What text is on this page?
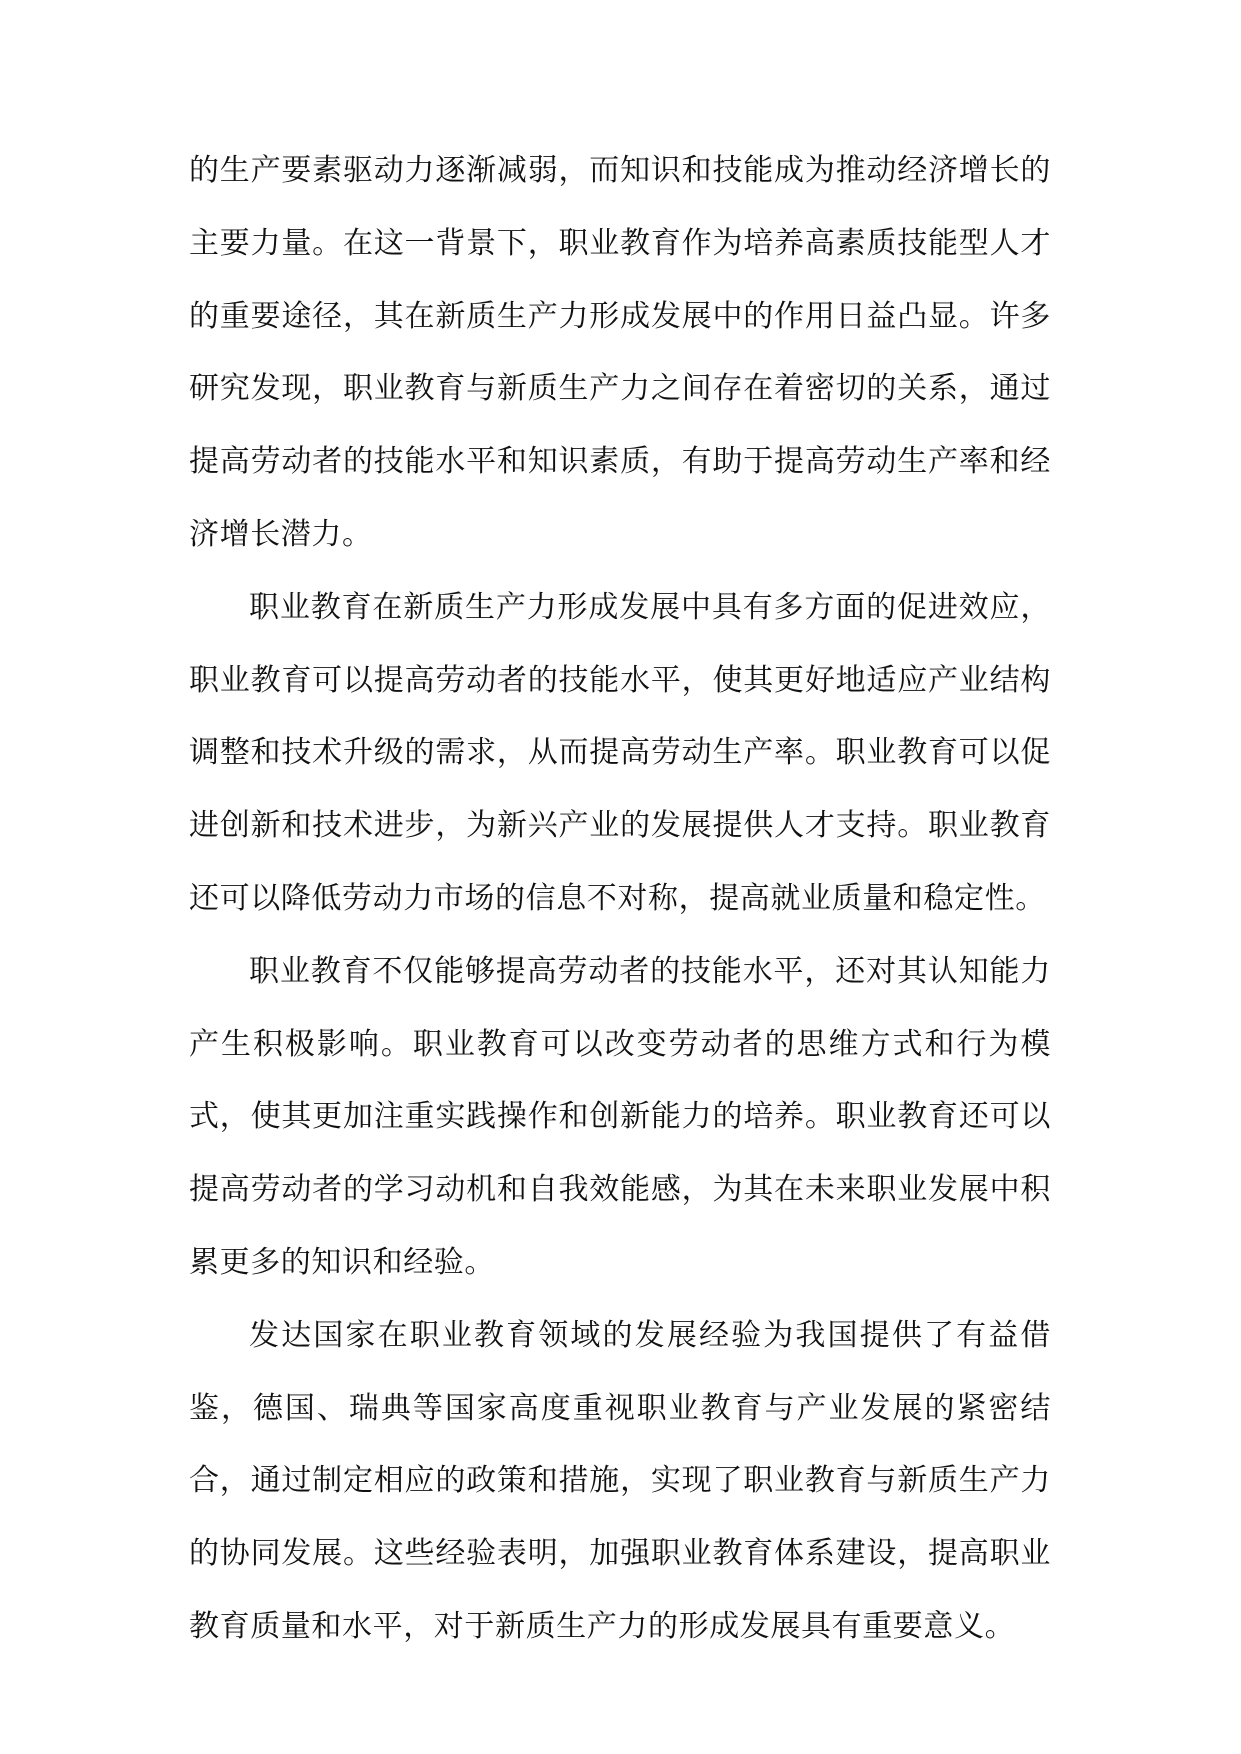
的生产要素驱动力逐渐减弱，而知识和技能成为推动经济增长的主要力量。在这一背景下，职业教育作为培养高素质技能型人才的重要途径，其在新质生产力形成发展中的作用日益凸显。许多研究发现，职业教育与新质生产力之间存在着密切的关系，通过提高劳动者的技能水平和知识素质，有助于提高劳动生产率和经济增长潜力。

职业教育在新质生产力形成发展中具有多方面的促进效应，职业教育可以提高劳动者的技能水平，使其更好地适应产业结构调整和技术升级的需求，从而提高劳动生产率。职业教育可以促进创新和技术进步，为新兴产业的发展提供人才支持。职业教育还可以降低劳动力市场的信息不对称，提高就业质量和稳定性。

职业教育不仅能够提高劳动者的技能水平，还对其认知能力产生积极影响。职业教育可以改变劳动者的思维方式和行为模式，使其更加注重实践操作和创新能力的培养。职业教育还可以提高劳动者的学习动机和自我效能感，为其在未来职业发展中积累更多的知识和经验。

发达国家在职业教育领域的发展经验为我国提供了有益借鉴，德国、瑞典等国家高度重视职业教育与产业发展的紧密结合，通过制定相应的政策和措施，实现了职业教育与新质生产力的协同发展。这些经验表明，加强职业教育体系建设，提高职业教育质量和水平，对于新质生产力的形成发展具有重要意义。
